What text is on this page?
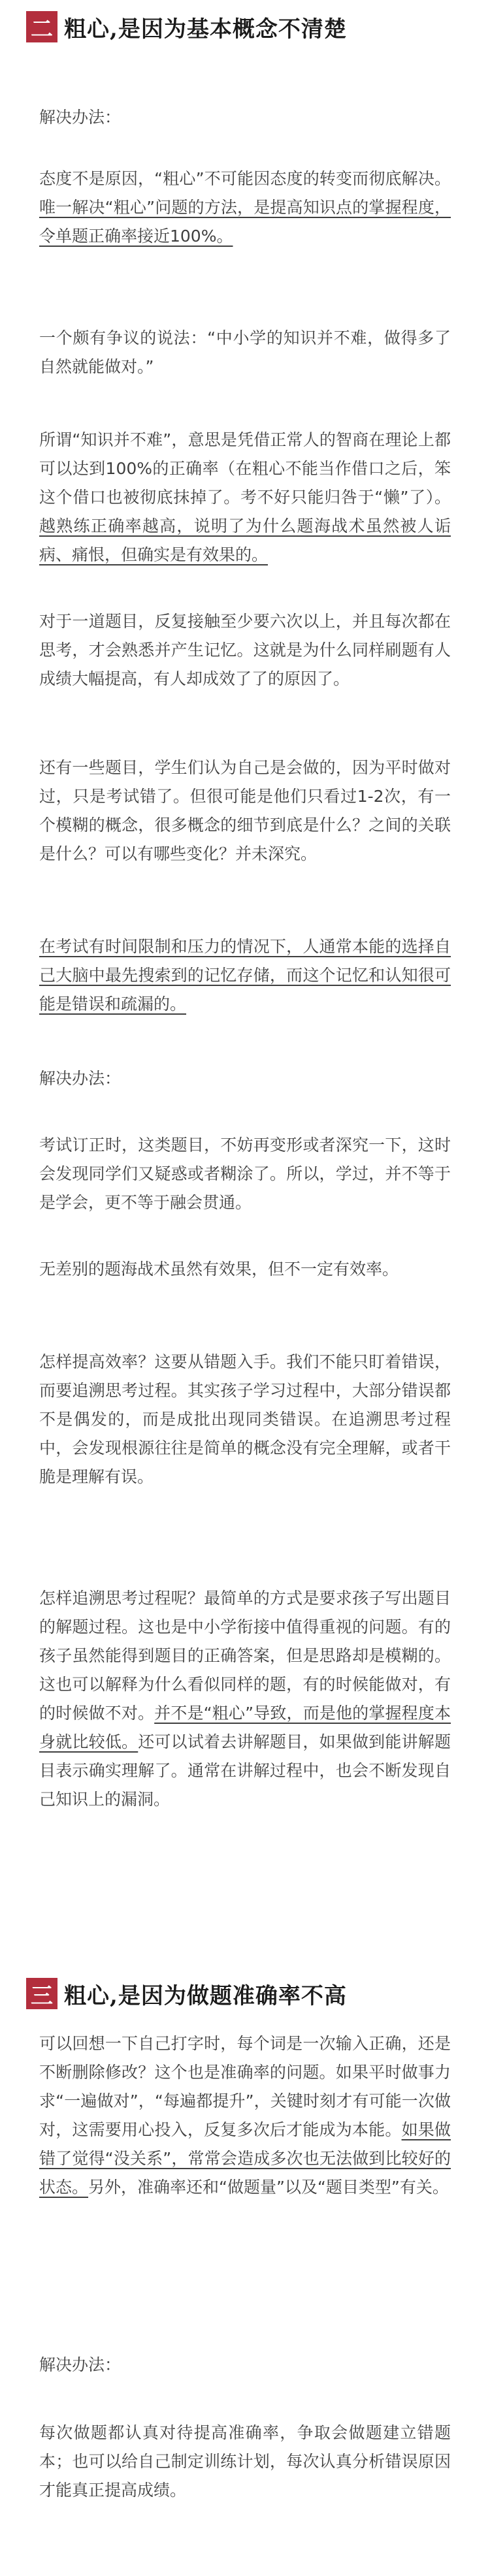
二 粗心,是因为基本概念不清楚

解决办法：

态度不是原因，“粗心”不可能因态度的转变而彻底解决。唯一解决“粗心”问题的方法，是提高知识点的掌握程度，令单题正确率接近100%。

一个颇有争议的说法：“中小学的知识并不难，做得多了自然就能做对。”

所谓“知识并不难”，意思是凭借正常人的智商在理论上都可以达到100%的正确率（在粗心不能当作借口之后，笨这个借口也被彻底抹掉了。考不好只能归咎于“懒”了）。越熟练正确率越高，说明了为什么题海战术虽然被人诟病、痛恨，但确实是有效果的。

对于一道题目，反复接触至少要六次以上，并且每次都在思考，才会熟悉并产生记忆。这就是为什么同样刷题有人成绩大幅提高，有人却成效了了的原因了。

还有一些题目，学生们认为自己是会做的，因为平时做对过，只是考试错了。但很可能是他们只看过1-2次，有一个模糊的概念，很多概念的细节到底是什么？之间的关联是什么？可以有哪些变化？并未深究。

在考试有时间限制和压力的情况下，人通常本能的选择自己大脑中最先搜索到的记忆存储，而这个记忆和认知很可能是错误和疏漏的。

解决办法：

考试订正时，这类题目，不妨再变形或者深究一下，这时会发现同学们又疑惑或者糊涂了。所以，学过，并不等于是学会，更不等于融会贯通。

无差别的题海战术虽然有效果，但不一定有效率。

怎样提高效率？这要从错题入手。我们不能只盯着错误，而要追溯思考过程。其实孩子学习过程中，大部分错误都不是偶发的，而是成批出现同类错误。在追溯思考过程中，会发现根源往往是简单的概念没有完全理解，或者干脆是理解有误。

怎样追溯思考过程呢？最简单的方式是要求孩子写出题目的解题过程。这也是中小学衔接中值得重视的问题。有的孩子虽然能得到题目的正确答案，但是思路却是模糊的。这也可以解释为什么看似同样的题，有的时候能做对，有的时候做不对。并不是“粗心”导致，而是他的掌握程度本身就比较低。还可以试着去讲解题目，如果做到能讲解题目表示确实理解了。通常在讲解过程中，也会不断发现自己知识上的漏洞。

三 粗心,是因为做题准确率不高

可以回想一下自己打字时，每个词是一次输入正确，还是不断删除修改？这个也是准确率的问题。如果平时做事力求“一遍做对”，“每遍都提升”，关键时刻才有可能一次做对，这需要用心投入，反复多次后才能成为本能。如果做错了觉得“没关系”，常常会造成多次也无法做到比较好的状态。另外，准确率还和“做题量”以及“题目类型”有关。

解决办法：

每次做题都认真对待提高准确率，争取会做题建立错题本；也可以给自己制定训练计划，每次认真分析错误原因才能真正提高成绩。
